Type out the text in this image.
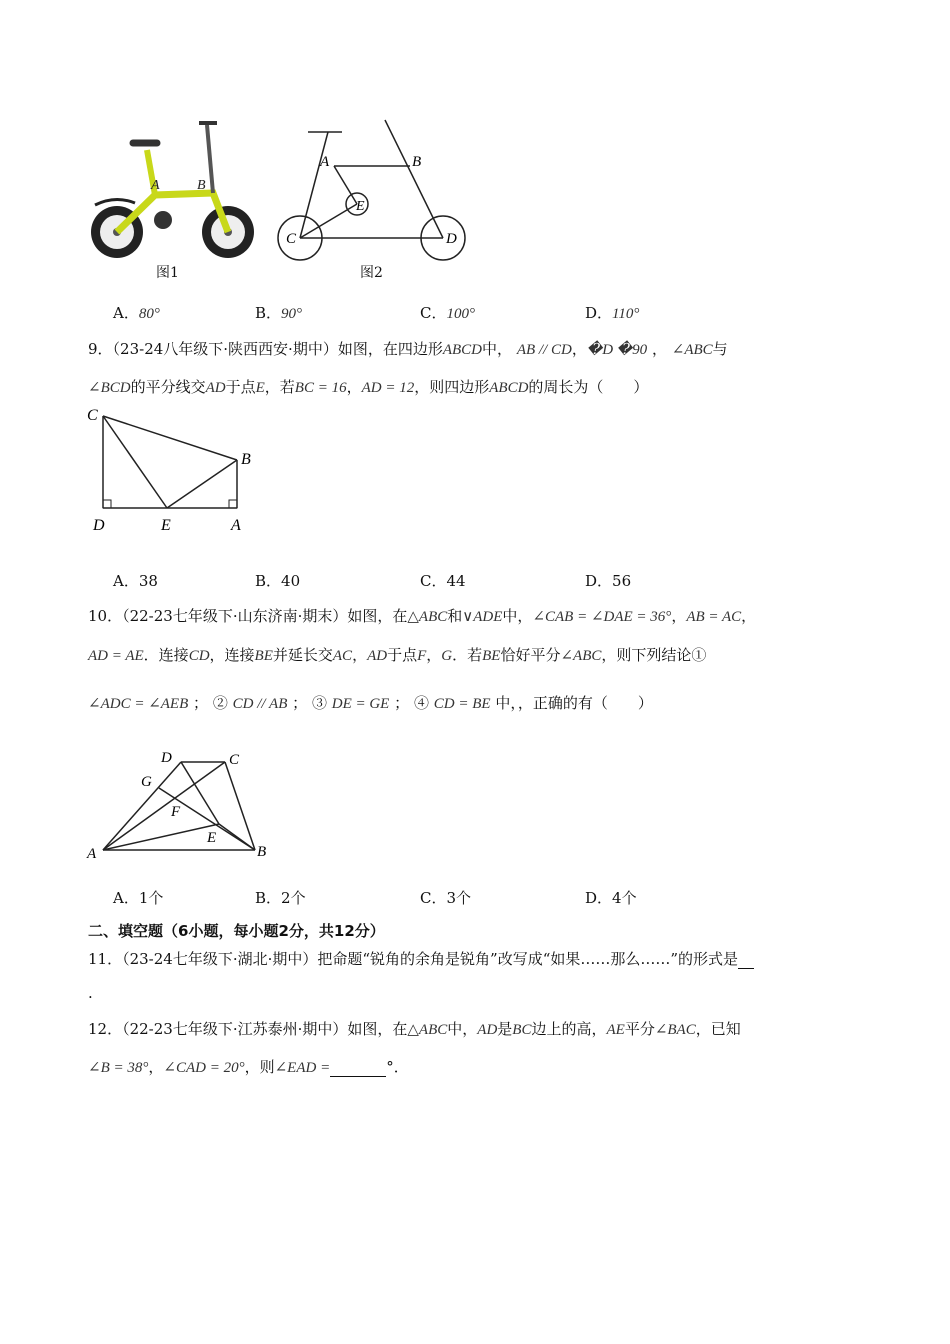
A	B
图1
A	B
E
C	D
图2
A．80°	B．90°	C．100°	D．110°
9．（23-24八年级下·陕西西安·期中）如图，在四边形ABCD中， AB // CD，�D �90 ， ∠ABC与
∠BCD的平分线交AD于点E，若BC = 16，AD = 12，则四边形ABCD的周长为（　　）
C
B
D	E	A
A．38	B．40	C．44	D．56
10．（22-23七年级下·山东济南·期末）如图，在△ABC和∨ADE中，∠CAB = ∠DAE = 36°，AB = AC，
AD = AE．连接CD，连接BE并延长交AC，AD于点F，G．若BE恰好平分∠ABC，则下列结论①
∠ADC = ∠AEB ； ② CD // AB ； ③ DE = GE ； ④ CD = BE 中，，正确的有（　　）
D	C
G
F
E
A	B
A．1个	B．2个	C．3个	D．4个
二、填空题（6小题，每小题2分，共12分）
11．（23-24七年级下·湖北·期中）把命题“锐角的余角是锐角”改写成“如果……那么……”的形式是
.
12．（22-23七年级下·江苏泰州·期中）如图，在△ABC中，AD是BC边上的高，AE平分∠BAC，已知
∠B = 38°，∠CAD = 20°，则∠EAD =	°．
